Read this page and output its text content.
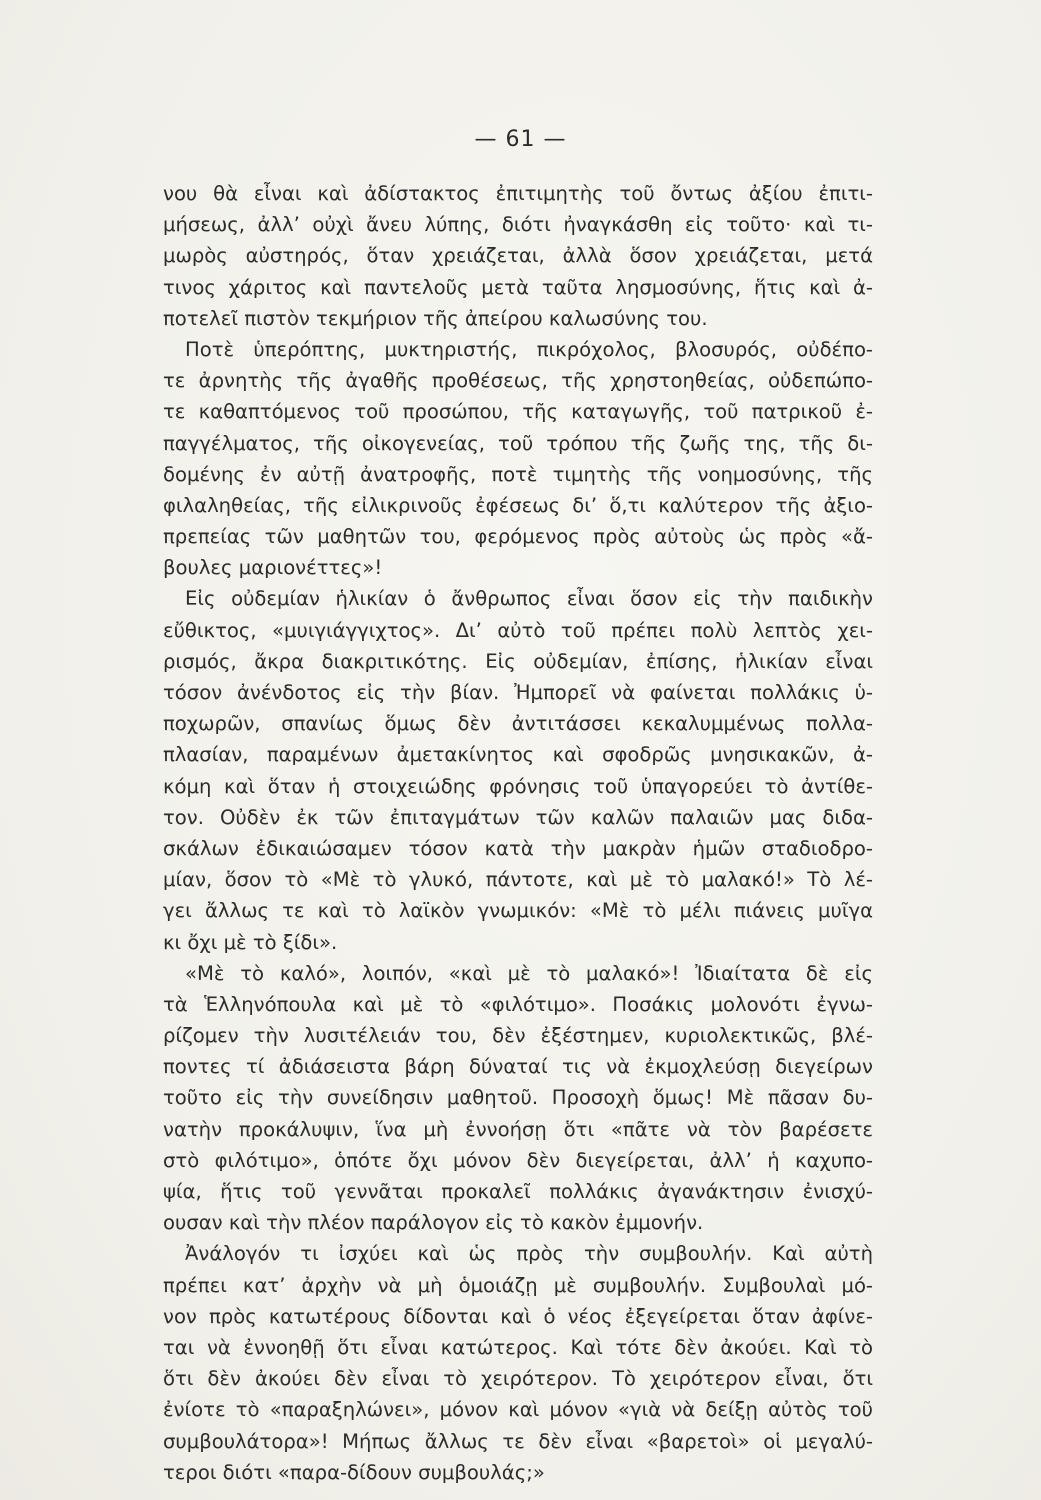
— 61 —
νου θὰ εἶναι καὶ ἀδίστακτος ἐπιτιμητὴς τοῦ ὄντως ἀξίου ἐπιτι-
μήσεως, ἀλλ’ οὐχὶ ἄνευ λύπης, διότι ἠναγκάσθη εἰς τοῦτο· καὶ τι-
μωρὸς αὐστηρός, ὅταν χρειάζεται, ἀλλὰ ὅσον χρειάζεται, μετά
τινος χάριτος καὶ παντελοῦς μετὰ ταῦτα λησμοσύνης, ἥτις καὶ ἀ-
ποτελεῖ πιστὸν τεκμήριον τῆς ἀπείρου καλωσύνης του.
Ποτὲ ὑπερόπτης, μυκτηριστής, πικρόχολος, βλοσυρός, οὐδέπο-
τε ἀρνητὴς τῆς ἀγαθῆς προθέσεως, τῆς χρηστοηθείας, οὐδεπώπο-
τε καθαπτόμενος τοῦ προσώπου, τῆς καταγωγῆς, τοῦ πατρικοῦ ἐ-
παγγέλματος, τῆς οἰκογενείας, τοῦ τρόπου τῆς ζωῆς της, τῆς δι-
δομένης ἐν αὐτῇ ἀνατροφῆς, ποτὲ τιμητὴς τῆς νοημοσύνης, τῆς
φιλαληθείας, τῆς εἰλικρινοῦς ἐφέσεως δι’ ὅ,τι καλύτερον τῆς ἀξιο-
πρεπείας τῶν μαθητῶν του, φερόμενος πρὸς αὐτοὺς ὡς πρὸς «ἄ-
βουλες μαριονέττες»!
Εἰς οὐδεμίαν ἡλικίαν ὁ ἄνθρωπος εἶναι ὅσον εἰς τὴν παιδικὴν
εὔθικτος, «μυιγιάγγιχτος». Δι’ αὐτὸ τοῦ πρέπει πολὺ λεπτὸς χει-
ρισμός, ἄκρα διακριτικότης. Εἰς οὐδεμίαν, ἐπίσης, ἡλικίαν εἶναι
τόσον ἀνένδοτος εἰς τὴν βίαν. Ἠμπορεῖ νὰ φαίνεται πολλάκις ὑ-
ποχωρῶν, σπανίως ὅμως δὲν ἀντιτάσσει κεκαλυμμένως πολλα-
πλασίαν, παραμένων ἀμετακίνητος καὶ σφοδρῶς μνησικακῶν, ἀ-
κόμη καὶ ὅταν ἡ στοιχειώδης φρόνησις τοῦ ὑπαγορεύει τὸ ἀντίθε-
τον. Οὐδὲν ἐκ τῶν ἐπιταγμάτων τῶν καλῶν παλαιῶν μας διδα-
σκάλων ἐδικαιώσαμεν τόσον κατὰ τὴν μακρὰν ἡμῶν σταδιοδρο-
μίαν, ὅσον τὸ «Μὲ τὸ γλυκό, πάντοτε, καὶ μὲ τὸ μαλακό!» Τὸ λέ-
γει ἄλλως τε καὶ τὸ λαϊκὸν γνωμικόν: «Μὲ τὸ μέλι πιάνεις μυῖγα
κι ὄχι μὲ τὸ ξίδι».
«Μὲ τὸ καλό», λοιπόν, «καὶ μὲ τὸ μαλακό»! Ἰδιαίτατα δὲ εἰς
τὰ Ἑλληνόπουλα καὶ μὲ τὸ «φιλότιμο». Ποσάκις μολονότι ἐγνω-
ρίζομεν τὴν λυσιτέλειάν του, δὲν ἐξέστημεν, κυριολεκτικῶς, βλέ-
ποντες τί ἀδιάσειστα βάρη δύναταί τις νὰ ἐκμοχλεύσῃ διεγείρων
τοῦτο εἰς τὴν συνείδησιν μαθητοῦ. Προσοχὴ ὅμως! Μὲ πᾶσαν δυ-
νατὴν προκάλυψιν, ἵνα μὴ ἐννοήσῃ ὅτι «πᾶτε νὰ τὸν βαρέσετε
στὸ φιλότιμο», ὁπότε ὄχι μόνον δὲν διεγείρεται, ἀλλ’ ἡ καχυπο-
ψία, ἥτις τοῦ γεννᾶται προκαλεῖ πολλάκις ἀγανάκτησιν ἐνισχύ-
ουσαν καὶ τὴν πλέον παράλογον εἰς τὸ κακὸν ἐμμονήν.
Ἀνάλογόν τι ἰσχύει καὶ ὡς πρὸς τὴν συμβουλήν. Καὶ αὐτὴ
πρέπει κατ’ ἀρχὴν νὰ μὴ ὁμοιάζῃ μὲ συμβουλήν. Συμβουλαὶ μό-
νον πρὸς κατωτέρους δίδονται καὶ ὁ νέος ἐξεγείρεται ὅταν ἀφίνε-
ται νὰ ἐννοηθῇ ὅτι εἶναι κατώτερος. Καὶ τότε δὲν ἀκούει. Καὶ τὸ
ὅτι δὲν ἀκούει δὲν εἶναι τὸ χειρότερον. Τὸ χειρότερον εἶναι, ὅτι
ἐνίοτε τὸ «παραξηλώνει», μόνον καὶ μόνον «γιὰ νὰ δείξῃ αὐτὸς τοῦ
συμβουλάτορα»! Μήπως ἄλλως τε δὲν εἶναι «βαρετοὶ» οἱ μεγαλύ-
τεροι διότι «παρα-δίδουν συμβουλάς;»
